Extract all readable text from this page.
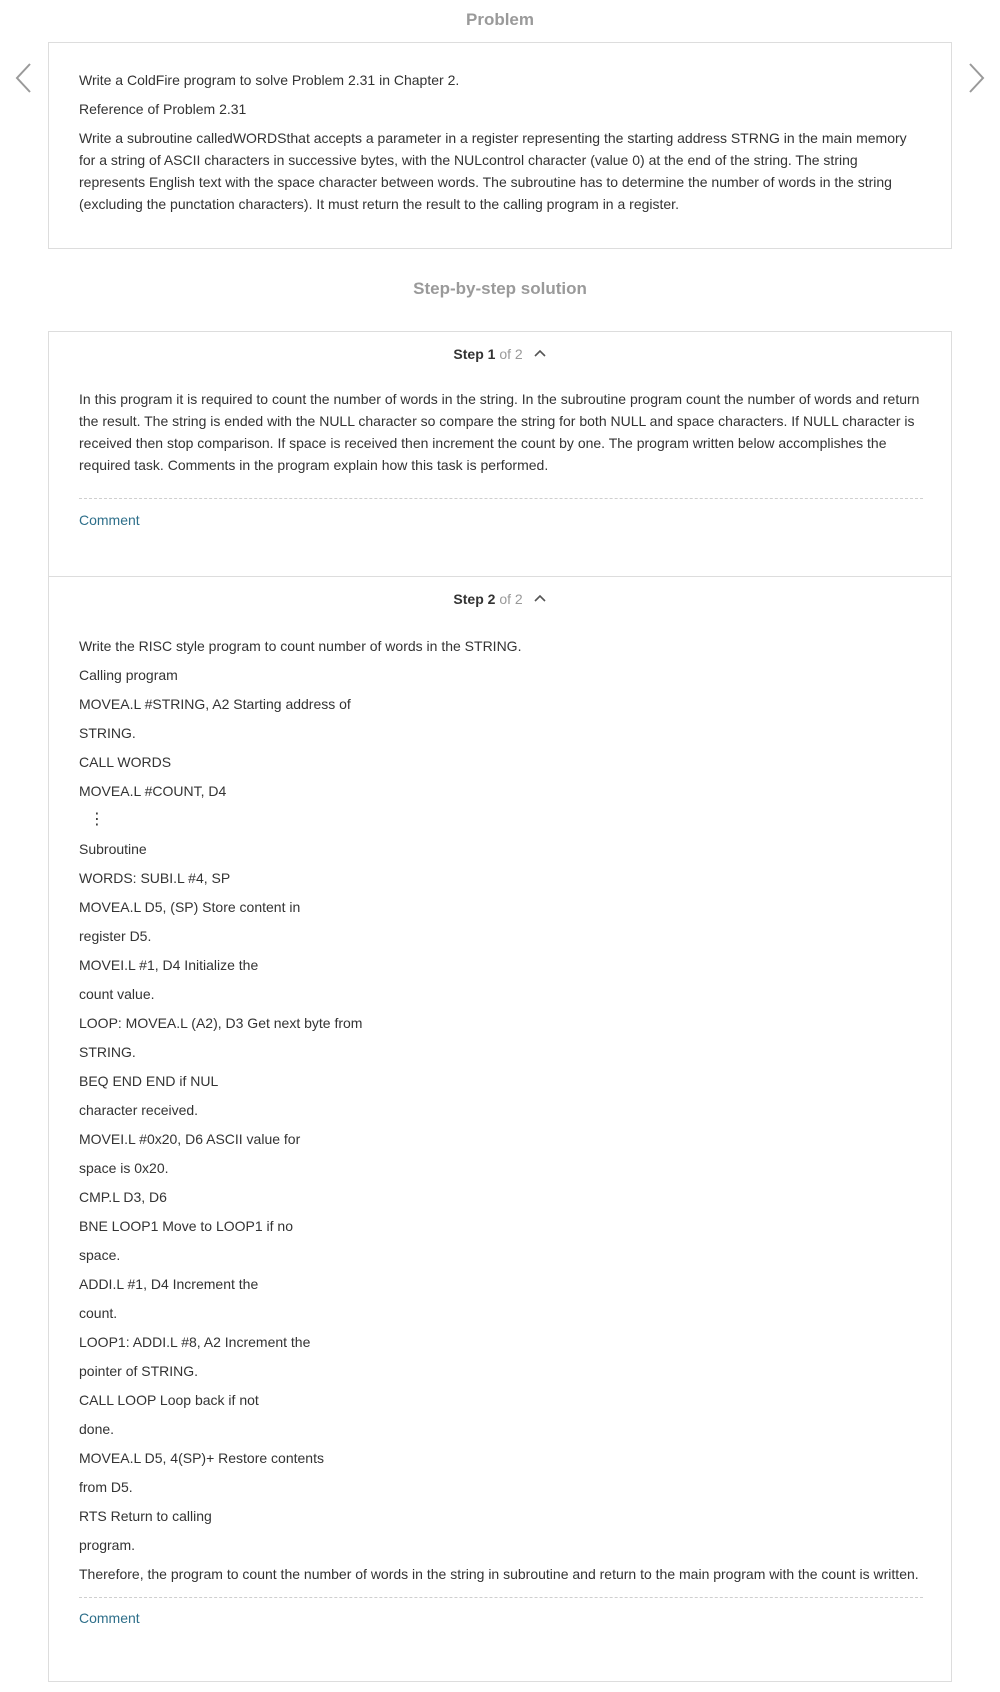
Problem

Write a ColdFire program to solve Problem 2.31 in Chapter 2.

Reference of Problem 2.31

Write a subroutine calledWORDSthat accepts a parameter in a register representing the starting address STRNG in the main memory for a string of ASCII characters in successive bytes, with the NULcontrol character (value 0) at the end of the string. The string represents English text with the space character between words. The subroutine has to determine the number of words in the string (excluding the punctation characters). It must return the result to the calling program in a register.

Step-by-step solution
Step 1 of 2

In this program it is required to count the number of words in the string. In the subroutine program count the number of words and return the result. The string is ended with the NULL character so compare the string for both NULL and space characters. If NULL character is received then stop comparison. If space is received then increment the count by one. The program written below accomplishes the required task. Comments in the program explain how this task is performed.

Comment
Step 2 of 2

Write the RISC style program to count number of words in the STRING.

Calling program

MOVEA.L #STRING, A2 Starting address of

STRING.

CALL WORDS

MOVEA.L #COUNT, D4

⋮

Subroutine

WORDS: SUBI.L #4, SP

MOVEA.L D5, (SP) Store content in

register D5.

MOVEI.L #1, D4 Initialize the

count value.

LOOP: MOVEA.L (A2), D3 Get next byte from

STRING.

BEQ END END if NUL

character received.

MOVEI.L #0x20, D6 ASCII value for

space is 0x20.

CMP.L D3, D6

BNE LOOP1 Move to LOOP1 if no

space.

ADDI.L #1, D4 Increment the

count.

LOOP1: ADDI.L #8, A2 Increment the

pointer of STRING.

CALL LOOP Loop back if not

done.

MOVEA.L D5, 4(SP)+ Restore contents

from D5.

RTS Return to calling

program.

Therefore, the program to count the number of words in the string in subroutine and return to the main program with the count is written.

Comment
